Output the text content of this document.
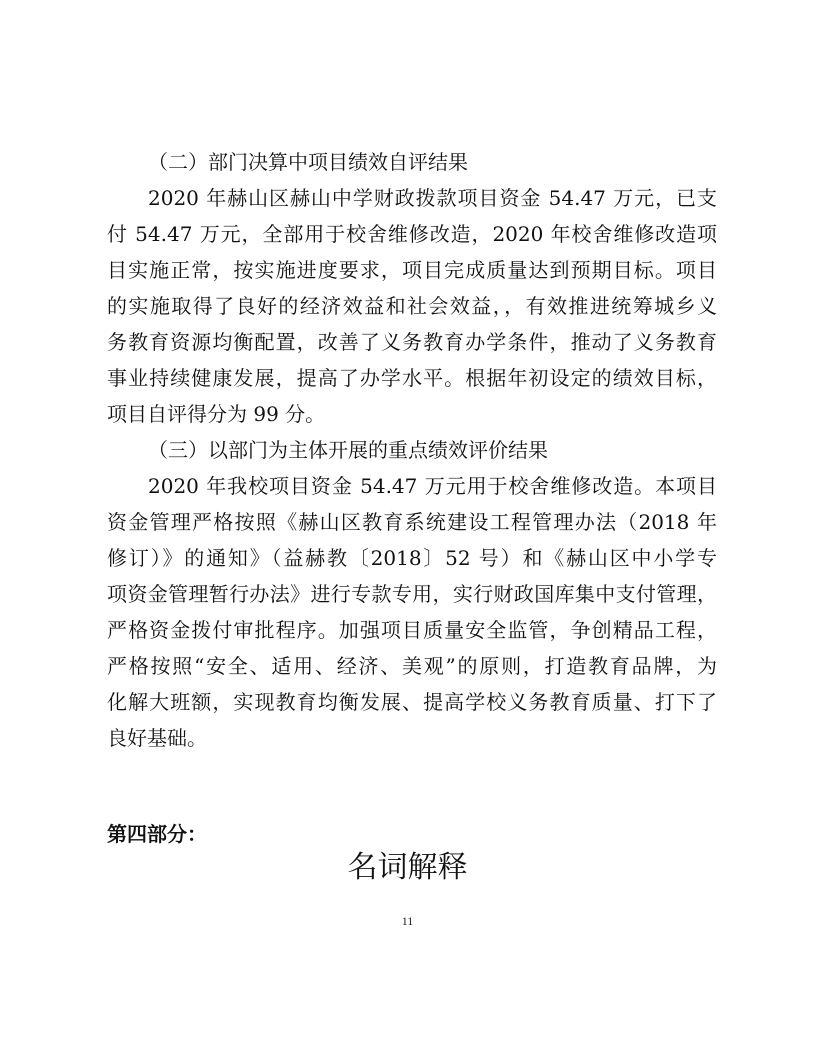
（二）部门决算中项目绩效自评结果
2020 年赫山区赫山中学财政拨款项目资金 54.47 万元，已支
付 54.47 万元，全部用于校舍维修改造，2020 年校舍维修改造项
目实施正常，按实施进度要求，项目完成质量达到预期目标。项目
的实施取得了良好的经济效益和社会效益，，有效推进统筹城乡义
务教育资源均衡配置，改善了义务教育办学条件，推动了义务教育
事业持续健康发展，提高了办学水平。根据年初设定的绩效目标，
项目自评得分为 99 分。
（三）以部门为主体开展的重点绩效评价结果
2020 年我校项目资金 54.47 万元用于校舍维修改造。本项目
资金管理严格按照《赫山区教育系统建设工程管理办法（2018 年
修订）》的通知》（益赫教〔2018〕52 号）和《赫山区中小学专
项资金管理暂行办法》进行专款专用，实行财政国库集中支付管理，
严格资金拨付审批程序。加强项目质量安全监管，争创精品工程，
严格按照“安全、适用、经济、美观”的原则，打造教育品牌，为
化解大班额，实现教育均衡发展、提高学校义务教育质量、打下了
良好基础。
第四部分：
名词解释
11
